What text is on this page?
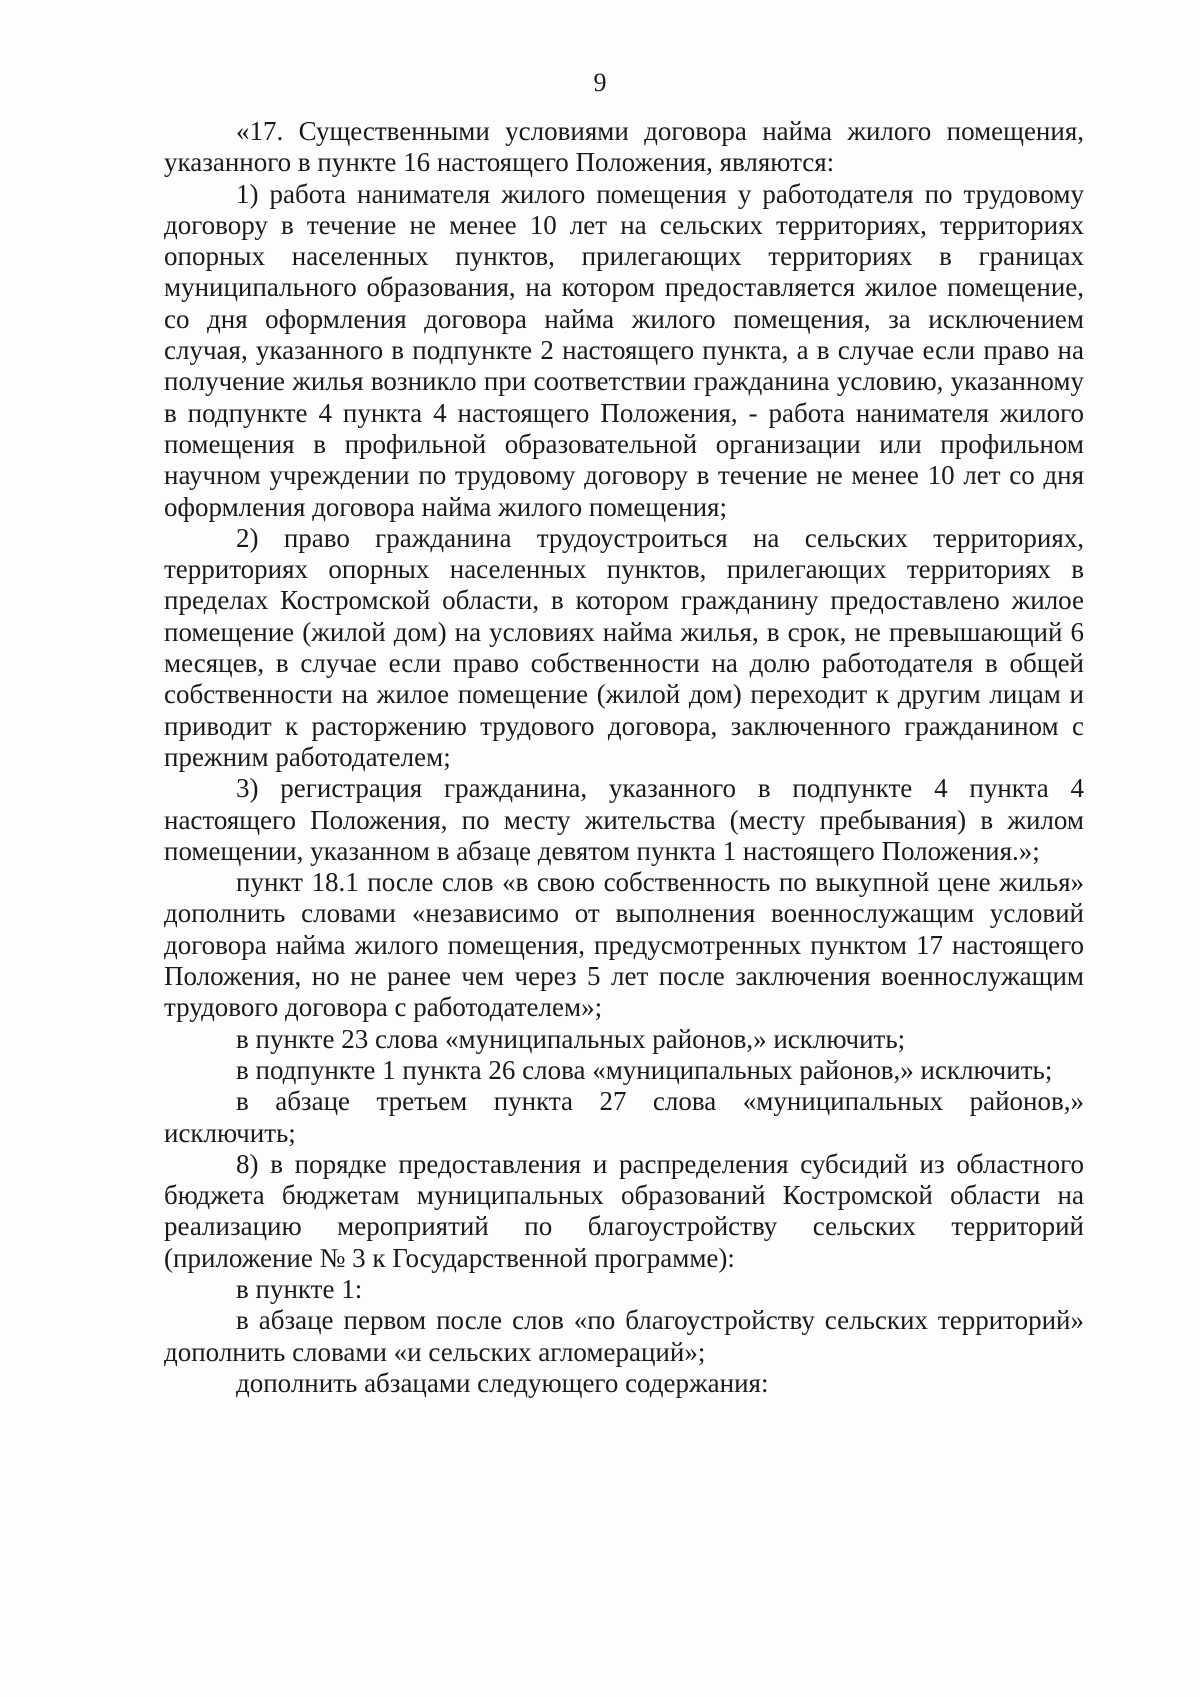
9

«17. Существенными условиями договора найма жилого помещения, указанного в пункте 16 настоящего Положения, являются:

1) работа нанимателя жилого помещения у работодателя по трудовому договору в течение не менее 10 лет на сельских территориях, территориях опорных населенных пунктов, прилегающих территориях в границах муниципального образования, на котором предоставляется жилое помещение, со дня оформления договора найма жилого помещения, за исключением случая, указанного в подпункте 2 настоящего пункта, а в случае если право на получение жилья возникло при соответствии гражданина условию, указанному в подпункте 4 пункта 4 настоящего Положения, - работа нанимателя жилого помещения в профильной образовательной организации или профильном научном учреждении по трудовому договору в течение не менее 10 лет со дня оформления договора найма жилого помещения;

2) право гражданина трудоустроиться на сельских территориях, территориях опорных населенных пунктов, прилегающих территориях в пределах Костромской области, в котором гражданину предоставлено жилое помещение (жилой дом) на условиях найма жилья, в срок, не превышающий 6 месяцев, в случае если право собственности на долю работодателя в общей собственности на жилое помещение (жилой дом) переходит к другим лицам и приводит к расторжению трудового договора, заключенного гражданином с прежним работодателем;

3) регистрация гражданина, указанного в подпункте 4 пункта 4 настоящего Положения, по месту жительства (месту пребывания) в жилом помещении, указанном в абзаце девятом пункта 1 настоящего Положения.»;

пункт 18.1 после слов «в свою собственность по выкупной цене жилья» дополнить словами «независимо от выполнения военнослужащим условий договора найма жилого помещения, предусмотренных пунктом 17 настоящего Положения, но не ранее чем через 5 лет после заключения военнослужащим трудового договора с работодателем»;

в пункте 23 слова «муниципальных районов,» исключить;

в подпункте 1 пункта 26 слова «муниципальных районов,» исключить;

в абзаце третьем пункта 27 слова «муниципальных районов,» исключить;

8) в порядке предоставления и распределения субсидий из областного бюджета бюджетам муниципальных образований Костромской области на реализацию мероприятий по благоустройству сельских территорий (приложение № 3 к Государственной программе):

в пункте 1:

в абзаце первом после слов «по благоустройству сельских территорий» дополнить словами «и сельских агломераций»;

дополнить абзацами следующего содержания:
